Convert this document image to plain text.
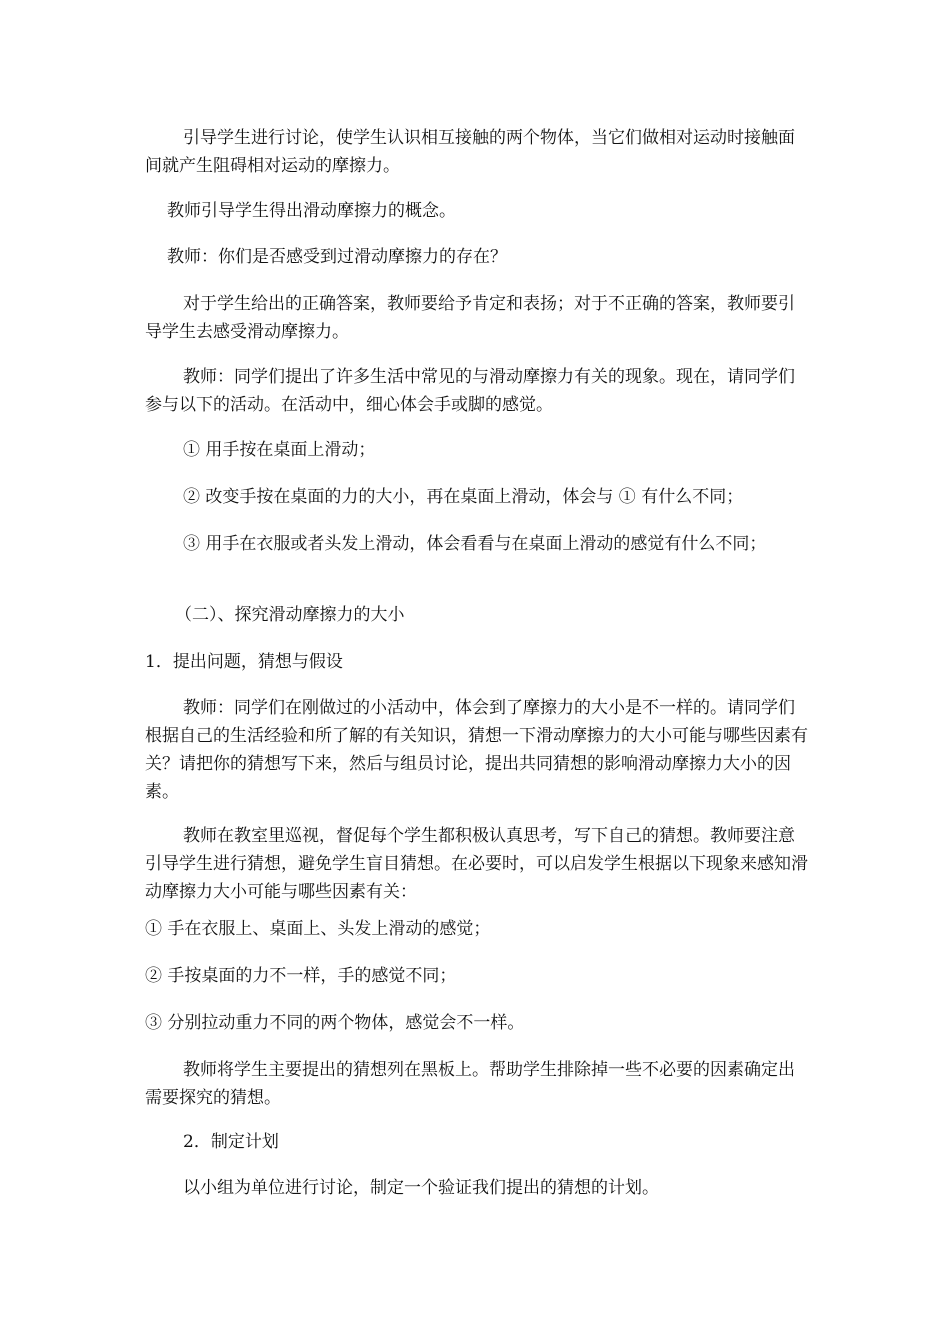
引导学生进行讨论，使学生认识相互接触的两个物体，当它们做相对运动时接触面间就产生阻碍相对运动的摩擦力。

教师引导学生得出滑动摩擦力的概念。

教师：你们是否感受到过滑动摩擦力的存在？

对于学生给出的正确答案，教师要给予肯定和表扬；对于不正确的答案，教师要引导学生去感受滑动摩擦力。

教师：同学们提出了许多生活中常见的与滑动摩擦力有关的现象。现在，请同学们参与以下的活动。在活动中，细心体会手或脚的感觉。

① 用手按在桌面上滑动；

② 改变手按在桌面的力的大小，再在桌面上滑动，体会与 ① 有什么不同；

③ 用手在衣服或者头发上滑动，体会看看与在桌面上滑动的感觉有什么不同；

（二）、探究滑动摩擦力的大小

1．提出问题，猜想与假设

教师：同学们在刚做过的小活动中，体会到了摩擦力的大小是不一样的。请同学们根据自己的生活经验和所了解的有关知识，猜想一下滑动摩擦力的大小可能与哪些因素有关？请把你的猜想写下来，然后与组员讨论，提出共同猜想的影响滑动摩擦力大小的因素。

教师在教室里巡视，督促每个学生都积极认真思考，写下自己的猜想。教师要注意引导学生进行猜想，避免学生盲目猜想。在必要时，可以启发学生根据以下现象来感知滑动摩擦力大小可能与哪些因素有关：

① 手在衣服上、桌面上、头发上滑动的感觉；

② 手按桌面的力不一样，手的感觉不同；

③ 分别拉动重力不同的两个物体，感觉会不一样。

教师将学生主要提出的猜想列在黑板上。帮助学生排除掉一些不必要的因素确定出需要探究的猜想。

2．制定计划

以小组为单位进行讨论，制定一个验证我们提出的猜想的计划。
